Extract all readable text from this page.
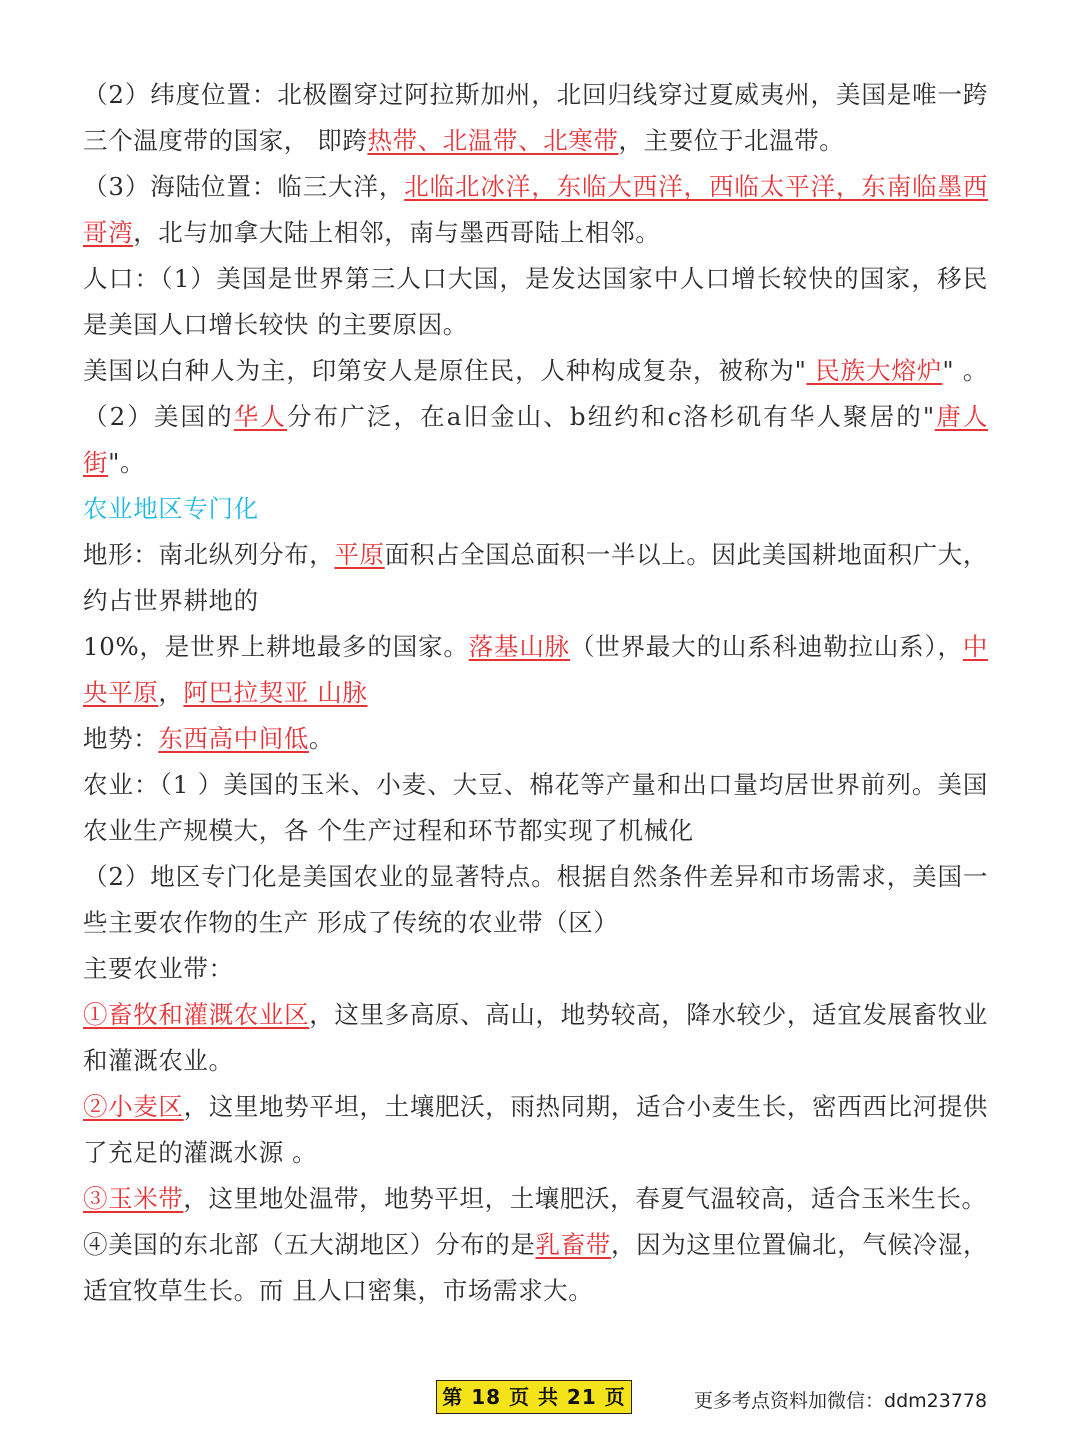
（2）纬度位置：北极圈穿过阿拉斯加州，北回归线穿过夏威夷州，美国是唯一跨三个温度带的国家， 即跨热带、北温带、北寒带，主要位于北温带。

（3）海陆位置：临三大洋，北临北冰洋，东临大西洋，西临太平洋，东南临墨西哥湾，北与加拿大陆上相邻，南与墨西哥陆上相邻。

人口：（1）美国是世界第三人口大国，是发达国家中人口增长较快的国家，移民是美国人口增长较快 的主要原因。

美国以白种人为主，印第安人是原住民，人种构成复杂，被称为" 民族大熔炉" 。（2）美国的华人分布广泛，在a旧金山、b纽约和c洛杉矶有华人聚居的"唐人街"。

农业地区专门化

地形：南北纵列分布，平原面积占全国总面积一半以上。因此美国耕地面积广大，约占世界耕地的

10%，是世界上耕地最多的国家。落基山脉（世界最大的山系科迪勒拉山系），中央平原，阿巴拉契亚 山脉

地势：东西高中间低。

农业：（1 ）美国的玉米、小麦、大豆、棉花等产量和出口量均居世界前列。美国农业生产规模大，各 个生产过程和环节都实现了机械化

（2）地区专门化是美国农业的显著特点。根据自然条件差异和市场需求，美国一些主要农作物的生产 形成了传统的农业带（区）

主要农业带：

①畜牧和灌溉农业区，这里多高原、高山，地势较高，降水较少，适宜发展畜牧业和灌溉农业。

②小麦区，这里地势平坦，土壤肥沃，雨热同期，适合小麦生长，密西西比河提供了充足的灌溉水源 。

③玉米带，这里地处温带，地势平坦，土壤肥沃，春夏气温较高，适合玉米生长。

④美国的东北部（五大湖地区）分布的是乳畜带，因为这里位置偏北，气候冷湿，适宜牧草生长。而 且人口密集，市场需求大。

第 18 页 共 21 页	更多考点资料加微信：ddm23778
